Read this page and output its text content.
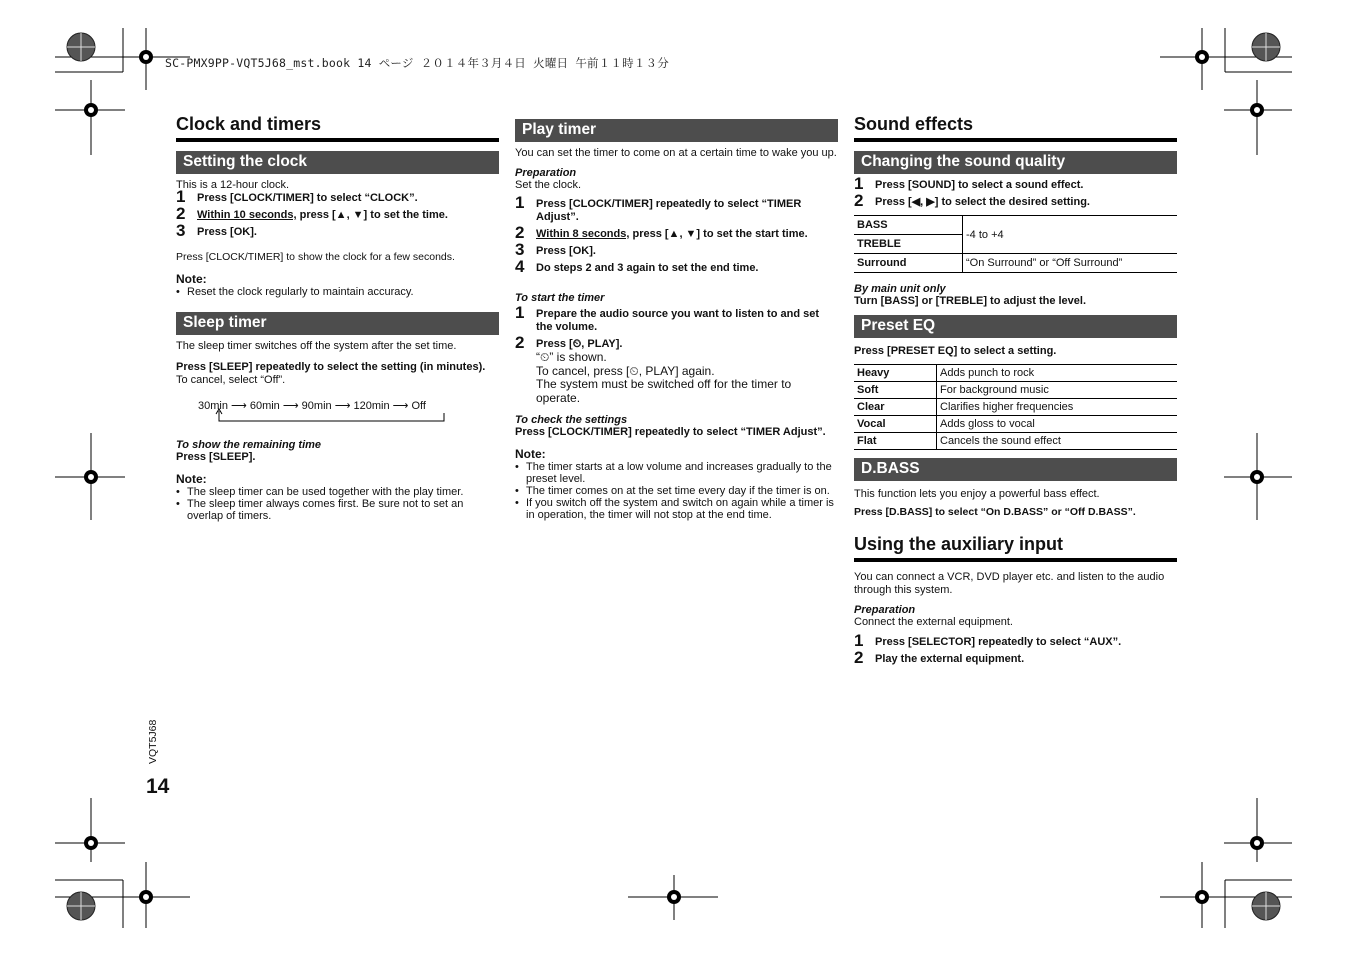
SC-PMX9PP-VQT5J68_mst.book 14 ページ ２０１４年３月４日 火曜日 午前１１時１３分
VQT5J68
14
Clock and timers
Setting the clock

This is a 12-hour clock.

1	Press [CLOCK/TIMER] to select “CLOCK”.
2	Within 10 seconds, press [▲, ▼] to set the time.
3	Press [OK].

Press [CLOCK/TIMER] to show the clock for a few seconds.

Note:
• Reset the clock regularly to maintain accuracy.
Sleep timer

The sleep timer switches off the system after the set time.

Press [SLEEP] repeatedly to select the setting (in minutes).

To cancel, select “Off”.

30min ⟶ 60min ⟶ 90min ⟶ 120min ⟶ Off
To show the remaining time

Press [SLEEP].

Note:
• The sleep timer can be used together with the play timer.
• The sleep timer always comes first. Be sure not to set an overlap of timers.
Play timer

You can set the timer to come on at a certain time to wake you up.

Preparation

Set the clock.

1	Press [CLOCK/TIMER] repeatedly to select “TIMER Adjust”.
2	Within 8 seconds, press [▲, ▼] to set the start time.
3	Press [OK].
4	Do steps 2 and 3 again to set the end time.
To start the timer
1	Prepare the audio source you want to listen to and set the volume.
2	Press [⏲, PLAY].

“⏲” is shown.

To cancel, press [⏲, PLAY] again.

The system must be switched off for the timer to operate.

To check the settings

Press [CLOCK/TIMER] repeatedly to select “TIMER Adjust”.

Note:
• The timer starts at a low volume and increases gradually to the preset level.
• The timer comes on at the set time every day if the timer is on.
• If you switch off the system and switch on again while a timer is in operation, the timer will not stop at the end time.
Sound effects
Changing the sound quality
1	Press [SOUND] to select a sound effect.
2	Press [◀, ▶] to select the desired setting.
BASS	-4 to +4
TREBLE	
Surround	“On Surround” or “Off Surround”
By main unit only

Turn [BASS] or [TREBLE] to adjust the level.

Preset EQ

Press [PRESET EQ] to select a setting.

Heavy	Adds punch to rock
Soft	For background music
Clear	Clarifies higher frequencies
Vocal	Adds gloss to vocal
Flat	Cancels the sound effect
D.BASS

This function lets you enjoy a powerful bass effect.

Press [D.BASS] to select “On D.BASS” or “Off D.BASS”.

Using the auxiliary input

You can connect a VCR, DVD player etc. and listen to the audio through this system.

Preparation

Connect the external equipment.

1	Press [SELECTOR] repeatedly to select “AUX”.
2	Play the external equipment.
